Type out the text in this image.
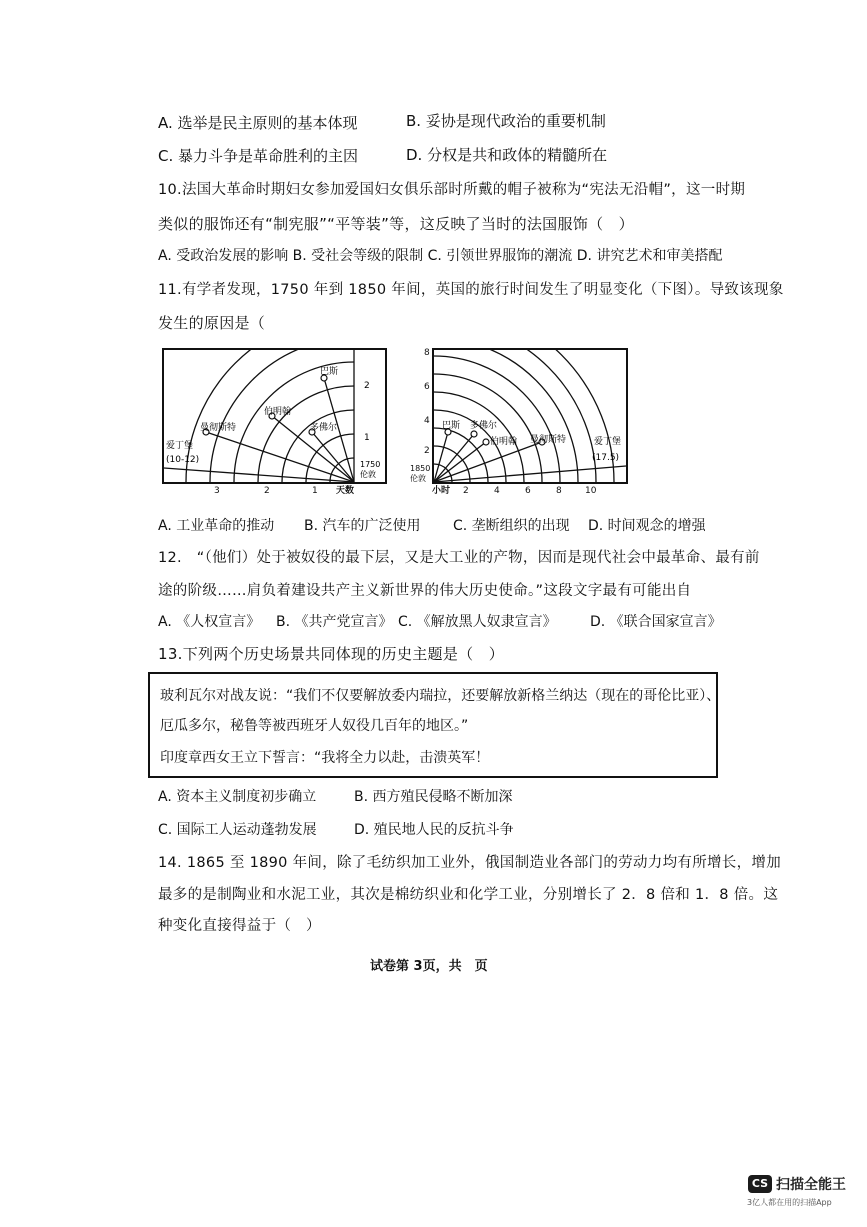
A. 选举是民主原则的基本体现	B. 妥协是现代政治的重要机制
C. 暴力斗争是革命胜利的主因	D. 分权是共和政体的精髓所在
10.法国大革命时期妇女参加爱国妇女俱乐部时所戴的帽子被称为“宪法无沿帽”，这一时期
类似的服饰还有“制宪服”“平等装”等，这反映了当时的法国服饰（　）
A. 受政治发展的影响 B. 受社会等级的限制 C. 引领世界服饰的潮流 D. 讲究艺术和审美搭配
11.有学者发现，1750 年到 1850 年间，英国的旅行时间发生了明显变化（下图）。导致该现象
发生的原因是（
巴斯
伯明翰
曼彻斯特	多佛尔
爱丁堡
(10-12)
2
1
1750
伦敦
3	2	1 天数
巴斯 多佛尔
伯明翰 曼彻斯特	爱丁堡
(17.5)
8
6
4
2
1850
伦敦
小时 2	4	6	8	10
A. 工业革命的推动 B. 汽车的广泛使用 C. 垄断组织的出现 D. 时间观念的增强
12.　“（他们）处于被奴役的最下层，又是大工业的产物，因而是现代社会中最革命、最有前
途的阶级……肩负着建设共产主义新世界的伟大历史使命。”这段文字最有可能出自
A. 《人权宣言》 B. 《共产党宣言》 C. 《解放黑人奴隶宣言》 D. 《联合国家宣言》
13.下列两个历史场景共同体现的历史主题是（　）
玻利瓦尔对战友说：“我们不仅要解放委内瑞拉，还要解放新格兰纳达（现在的哥伦比亚）、
厄瓜多尔，秘鲁等被西班牙人奴役几百年的地区。”
印度章西女王立下誓言：“我将全力以赴，击溃英军！
A. 资本主义制度初步确立	B. 西方殖民侵略不断加深
C. 国际工人运动蓬勃发展	D. 殖民地人民的反抗斗争
14. 1865 至 1890 年间，除了毛纺织加工业外，俄国制造业各部门的劳动力均有所增长，增加
最多的是制陶业和水泥工业，其次是棉纺织业和化学工业，分别增长了 2．8 倍和 1．8 倍。这
种变化直接得益于（　）
试卷第 3页，共　页
CS 扫描全能王
3亿人都在用的扫描App
